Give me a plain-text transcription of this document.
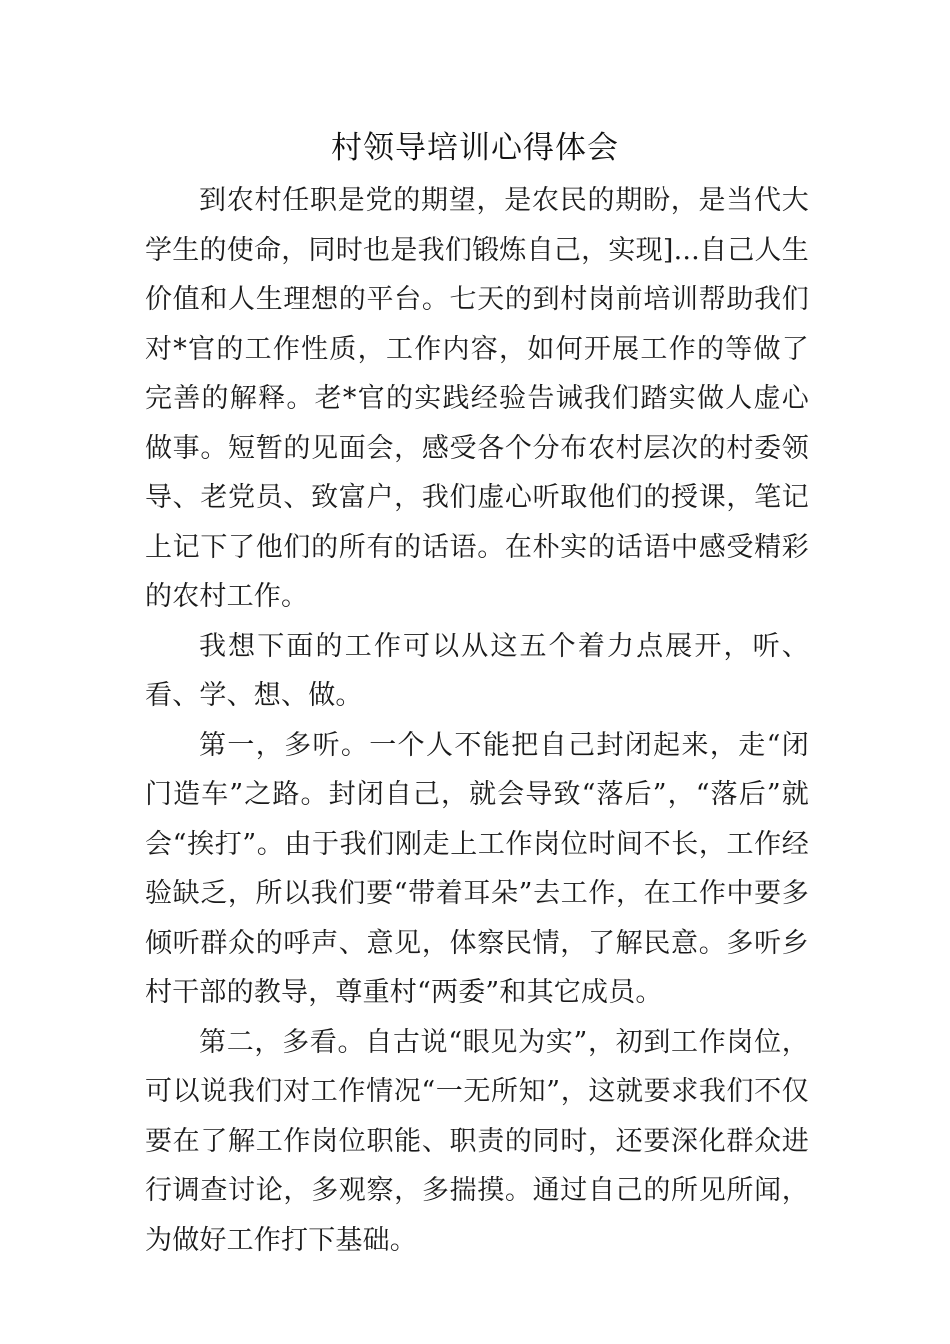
村领导培训心得体会

到农村任职是党的期望，是农民的期盼，是当代大学生的使命，同时也是我们锻炼自己，实现]...自己人生价值和人生理想的平台。七天的到村岗前培训帮助我们对*官的工作性质，工作内容，如何开展工作的等做了完善的解释。老*官的实践经验告诫我们踏实做人虚心做事。短暂的见面会，感受各个分布农村层次的村委领导、老党员、致富户，我们虚心听取他们的授课，笔记上记下了他们的所有的话语。在朴实的话语中感受精彩的农村工作。

我想下面的工作可以从这五个着力点展开，听、看、学、想、做。

第一，多听。一个人不能把自己封闭起来，走“闭门造车”之路。封闭自己，就会导致“落后”，“落后”就会“挨打”。由于我们刚走上工作岗位时间不长，工作经验缺乏，所以我们要“带着耳朵”去工作，在工作中要多倾听群众的呼声、意见，体察民情，了解民意。多听乡村干部的教导，尊重村“两委”和其它成员。

第二，多看。自古说“眼见为实”，初到工作岗位，可以说我们对工作情况“一无所知”，这就要求我们不仅要在了解工作岗位职能、职责的同时，还要深化群众进行调查讨论，多观察，多揣摸。通过自己的所见所闻，为做好工作打下基础。
